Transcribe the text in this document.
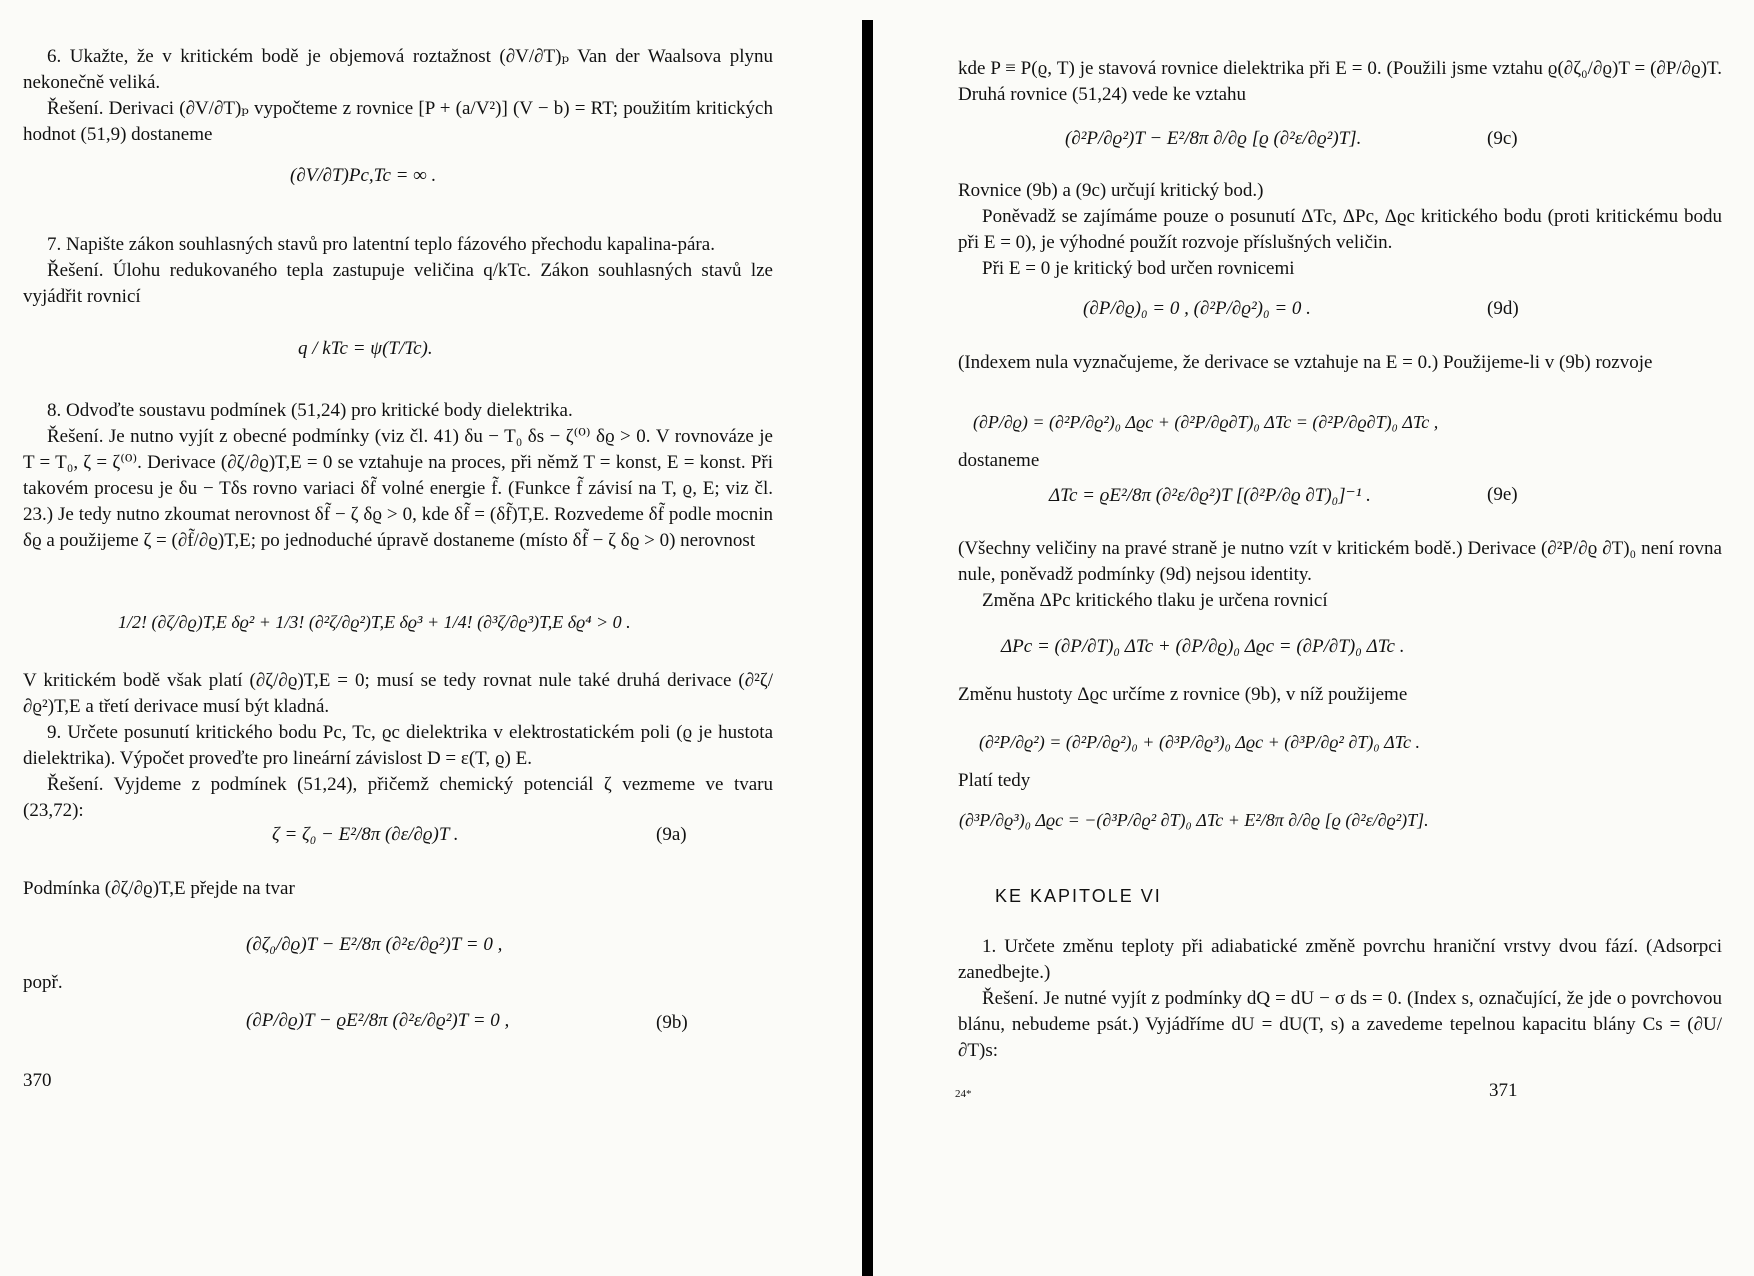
6. Ukažte, že v kritickém bodě je objemová roztažnost (∂V/∂T)ₚ Van der Waalsova plynu nekonečně veliká.

Řešení. Derivaci (∂V/∂T)ₚ vypočteme z rovnice [P + (a/V²)] (V − b) = RT; použitím kritických hodnot (51,9) dostaneme

(∂V/∂T)Pc,Tc = ∞ .

7. Napište zákon souhlasných stavů pro latentní teplo fázového přechodu kapalina-pára.

Řešení. Úlohu redukovaného tepla zastupuje veličina q/kTc. Zákon souhlasných stavů lze vyjádřit rovnicí

q / kTc = ψ(T/Tc).

8. Odvoďte soustavu podmínek (51,24) pro kritické body dielektrika.

Řešení. Je nutno vyjít z obecné podmínky (viz čl. 41) δu − T₀ δs − ζ⁽⁰⁾ δϱ > 0. V rovnováze je T = T₀, ζ = ζ⁽⁰⁾. Derivace (∂ζ/∂ϱ)T,E = 0 se vztahuje na proces, při němž T = konst, E = konst. Při takovém procesu je δu − Tδs rovno variaci δf̃ volné energie f̃. (Funkce f̃ závisí na T, ϱ, E; viz čl. 23.) Je tedy nutno zkoumat nerovnost δf̃ − ζ δϱ > 0, kde δf̃ = (δf̃)T,E. Rozvedeme δf̃ podle mocnin δϱ a použijeme ζ = (∂f̃/∂ϱ)T,E; po jednoduché úpravě dostaneme (místo δf̃ − ζ δϱ > 0) nerovnost

1/2! (∂ζ/∂ϱ)T,E δϱ² + 1/3! (∂²ζ/∂ϱ²)T,E δϱ³ + 1/4! (∂³ζ/∂ϱ³)T,E δϱ⁴ > 0 .

V kritickém bodě však platí (∂ζ/∂ϱ)T,E = 0; musí se tedy rovnat nule také druhá derivace (∂²ζ/∂ϱ²)T,E a třetí derivace musí být kladná.

9. Určete posunutí kritického bodu Pc, Tc, ϱc dielektrika v elektrostatickém poli (ϱ je hustota dielektrika). Výpočet proveďte pro lineární závislost D = ε(T, ϱ) E.

Řešení. Vyjdeme z podmínek (51,24), přičemž chemický potenciál ζ vezmeme ve tvaru (23,72):

ζ = ζ₀ − E²/8π (∂ε/∂ϱ)T .	(9a)

Podmínka (∂ζ/∂ϱ)T,E přejde na tvar

(∂ζ₀/∂ϱ)T − E²/8π (∂²ε/∂ϱ²)T = 0 ,

popř.

(∂P/∂ϱ)T − ϱE²/8π (∂²ε/∂ϱ²)T = 0 ,	(9b)
370

kde P ≡ P(ϱ, T) je stavová rovnice dielektrika při E = 0. (Použili jsme vztahu ϱ(∂ζ₀/∂ϱ)T = (∂P/∂ϱ)T. Druhá rovnice (51,24) vede ke vztahu

(∂²P/∂ϱ²)T − E²/8π ∂/∂ϱ [ϱ (∂²ε/∂ϱ²)T].	(9c)

Rovnice (9b) a (9c) určují kritický bod.)

Poněvadž se zajímáme pouze o posunutí ΔTc, ΔPc, Δϱc kritického bodu (proti kritickému bodu při E = 0), je výhodné použít rozvoje příslušných veličin.

Při E = 0 je kritický bod určen rovnicemi

(∂P/∂ϱ)₀ = 0 , (∂²P/∂ϱ²)₀ = 0 .	(9d)

(Indexem nula vyznačujeme, že derivace se vztahuje na E = 0.) Použijeme-li v (9b) rozvoje

(∂P/∂ϱ) = (∂²P/∂ϱ²)₀ Δϱc + (∂²P/∂ϱ∂T)₀ ΔTc = (∂²P/∂ϱ∂T)₀ ΔTc ,

dostaneme

ΔTc = ϱE²/8π (∂²ε/∂ϱ²)T [(∂²P/∂ϱ ∂T)₀]⁻¹ .	(9e)

(Všechny veličiny na pravé straně je nutno vzít v kritickém bodě.) Derivace (∂²P/∂ϱ ∂T)₀ není rovna nule, poněvadž podmínky (9d) nejsou identity.

Změna ΔPc kritického tlaku je určena rovnicí

ΔPc = (∂P/∂T)₀ ΔTc + (∂P/∂ϱ)₀ Δϱc = (∂P/∂T)₀ ΔTc .

Změnu hustoty Δϱc určíme z rovnice (9b), v níž použijeme

(∂²P/∂ϱ²) = (∂²P/∂ϱ²)₀ + (∂³P/∂ϱ³)₀ Δϱc + (∂³P/∂ϱ² ∂T)₀ ΔTc .

Platí tedy

(∂³P/∂ϱ³)₀ Δϱc = −(∂³P/∂ϱ² ∂T)₀ ΔTc + E²/8π ∂/∂ϱ [ϱ (∂²ε/∂ϱ²)T].
KE KAPITOLE VI

1. Určete změnu teploty při adiabatické změně povrchu hraniční vrstvy dvou fází. (Adsorpci zanedbejte.)

Řešení. Je nutné vyjít z podmínky dQ = dU − σ ds = 0. (Index s, označující, že jde o povrchovou blánu, nebudeme psát.) Vyjádříme dU = dU(T, s) a zavedeme tepelnou kapacitu blány Cs = (∂U/∂T)s:

24*	371
